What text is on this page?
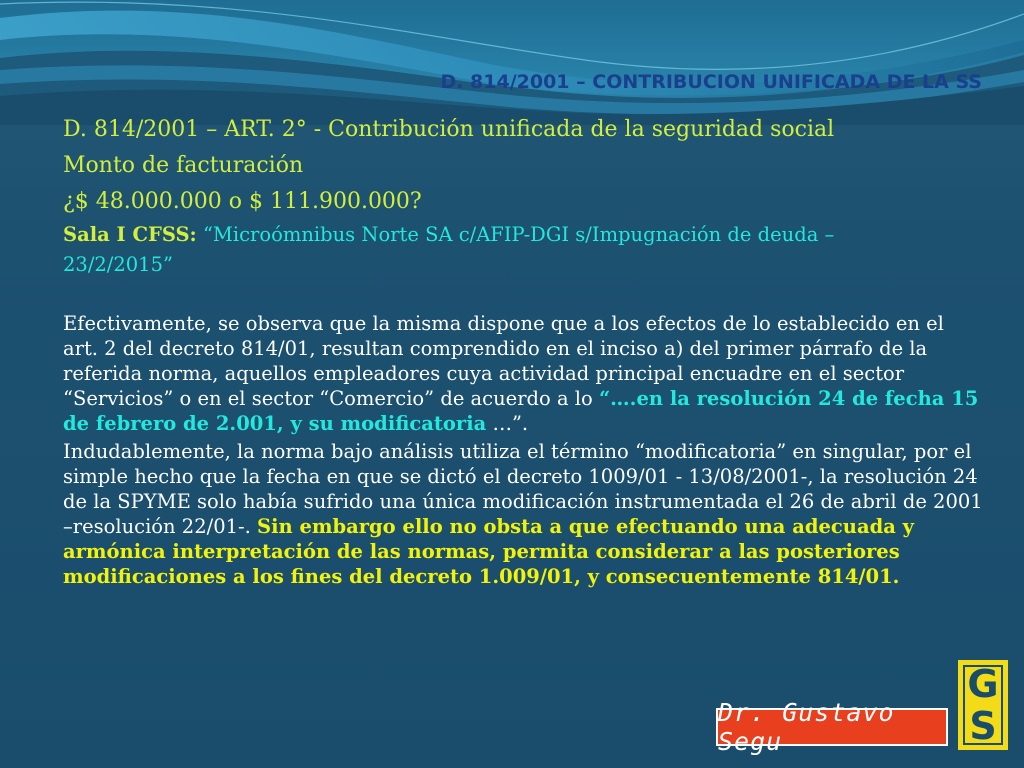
D. 814/2001 – CONTRIBUCION UNIFICADA DE LA SS
D. 814/2001 – ART. 2° - Contribución unificada de la seguridad social
Monto de facturación
¿$ 48.000.000 o $ 111.900.000?
Sala I CFSS: “Microómnibus Norte SA c/AFIP-DGI s/Impugnación de deuda –
23/2/2015”

Efectivamente, se observa que la misma dispone que a los efectos de lo establecido en el art. 2 del decreto 814/01, resultan comprendido en el inciso a) del primer párrafo de la referida norma, aquellos empleadores cuya actividad principal encuadre en el sector “Servicios” o en el sector “Comercio” de acuerdo a lo “….en la resolución 24 de fecha 15 de febrero de 2.001, y su modificatoria …”.

Indudablemente, la norma bajo análisis utiliza el término “modificatoria” en singular, por el simple hecho que la fecha en que se dictó el decreto 1009/01 - 13/08/2001-, la resolución 24 de la SPYME solo había sufrido una única modificación instrumentada el 26 de abril de 2001 –resolución 22/01-. Sin embargo ello no obsta a que efectuando una adecuada y armónica interpretación de las normas, permita considerar a las posteriores modificaciones a los fines del decreto 1.009/01, y consecuentemente 814/01.

Dr. Gustavo Segu
G
S
